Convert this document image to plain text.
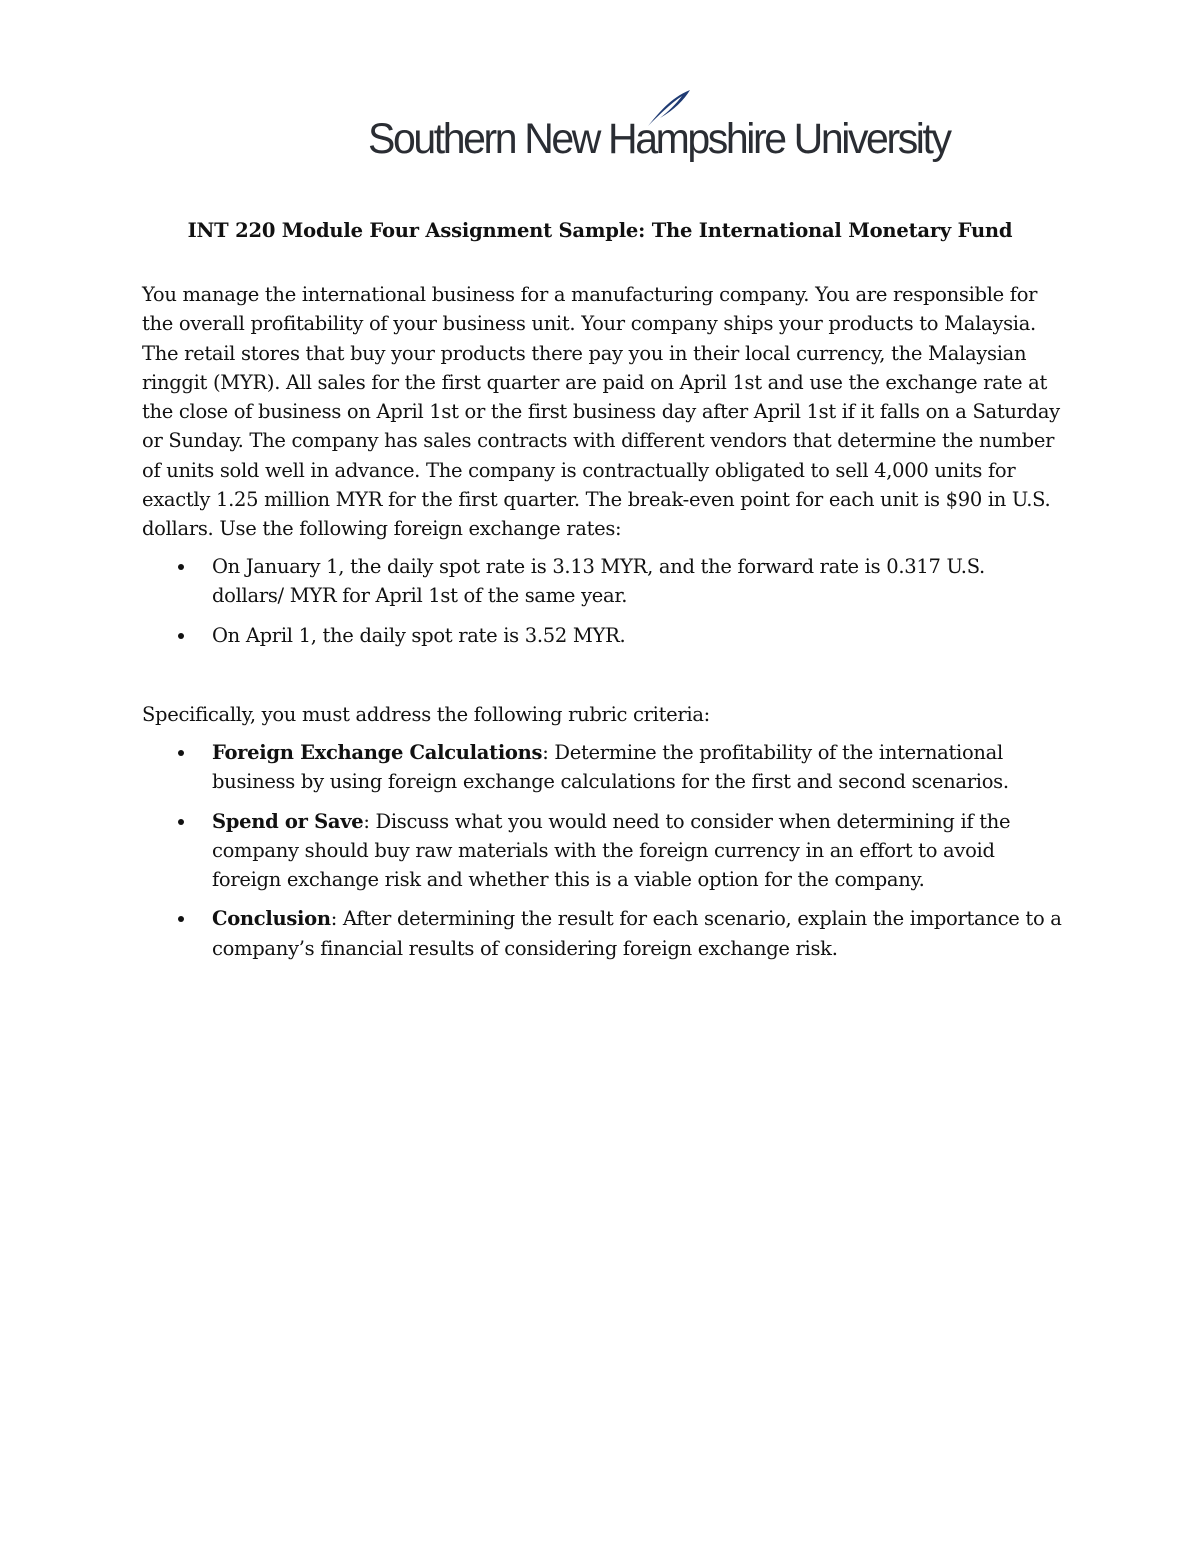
Southern New Hampshire University
INT 220 Module Four Assignment Sample: The International Monetary Fund

You manage the international business for a manufacturing company. You are responsible for the overall profitability of your business unit. Your company ships your products to Malaysia. The retail stores that buy your products there pay you in their local currency, the Malaysian ringgit (MYR). All sales for the first quarter are paid on April 1st and use the exchange rate at the close of business on April 1st or the first business day after April 1st if it falls on a Saturday or Sunday. The company has sales contracts with different vendors that determine the number of units sold well in advance. The company is contractually obligated to sell 4,000 units for exactly 1.25 million MYR for the first quarter. The break-even point for each unit is $90 in U.S. dollars. Use the following foreign exchange rates:

On January 1, the daily spot rate is 3.13 MYR, and the forward rate is 0.317 U.S. dollars/ MYR for April 1st of the same year.
On April 1, the daily spot rate is 3.52 MYR.

Specifically, you must address the following rubric criteria:

Foreign Exchange Calculations: Determine the profitability of the international business by using foreign exchange calculations for the first and second scenarios.
Spend or Save: Discuss what you would need to consider when determining if the company should buy raw materials with the foreign currency in an effort to avoid foreign exchange risk and whether this is a viable option for the company.
Conclusion: After determining the result for each scenario, explain the importance to a company’s financial results of considering foreign exchange risk.
